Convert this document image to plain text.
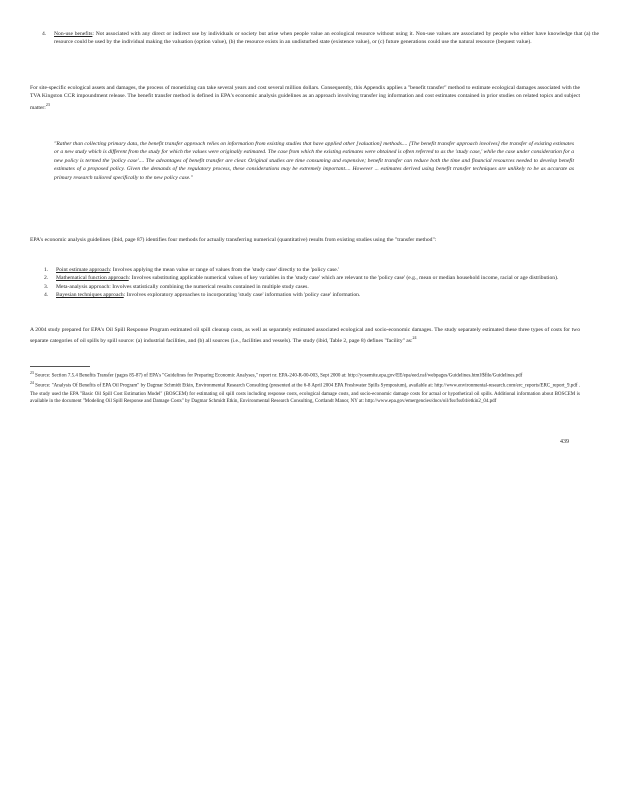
4. Non-use benefits: Not associated with any direct or indirect use by individuals or society but arise when people value an ecological resource without using it. Non-use values are associated by people who either have knowledge that (a) the resource could be used by the individual making the valuation (option value), (b) the resource exists in an undisturbed state (existence value), or (c) future generations could use the natural resource (bequest value).

For site-specific ecological assets and damages, the process of monetizing can take several years and cost several million dollars. Consequently, this Appendix applies a "benefit transfer" method to estimate ecological damages associated with the TVA Kingston CCR impoundment release. The benefit transfer method is defined in EPA's economic analysis guidelines as an approach involving transfer ing information and cost estimates contained in prior studies on related topics and subject matter:$^{23}$

"Rather than collecting primary data, the benefit transfer approach relies on information from existing studies that have applied other [valuation] methods.... [The benefit transfer approach involves] the transfer of existing estimates or a new study which is different from the study for which the values were originally estimated. The case from which the existing estimates were obtained is often referred to as the 'study case,' while the case under consideration for a new policy is termed the 'policy case'.... The advantages of benefit transfer are clear. Original studies are time consuming and expensive; benefit transfer can reduce both the time and financial resources needed to develop benefit estimates of a proposed policy. Given the demands of the regulatory process, these considerations may be extremely important.... However ... estimates derived using benefit transfer techniques are unlikely to be as accurate as primary research tailored specifically to the new policy case."

EPA's economic analysis guidelines (ibid, page 87) identifies four methods for actually transferring numerical (quantitative) results from existing studies using the "transfer method":

1. Point estimate approach: Involves applying the mean value or range of values from the 'study case' directly to the 'policy case.'
2. Mathematical function approach: Involves substituting applicable numerical values of key variables in the 'study case' which are relevant to the 'policy case' (e.g., mean or median household income, racial or age distribution).
3. Meta-analysis approach: Involves statistically combining the numerical results contained in multiple study cases.
4. Bayesian techniques approach: Involves exploratory approaches to incorporating 'study case' information with 'policy case' information.

A 2004 study prepared for EPA's Oil Spill Response Program estimated oil spill cleanup costs, as well as separately estimated associated ecological and socio-economic damages. The study separately estimated these three types of costs for two separate categories of oil spills by spill source: (a) industrial facilities, and (b) all sources (i.e., facilities and vessels). The study (ibid, Table 2, page 8) defines "facility" as:$^{24}$

$^{23}$ Source: Section 7.5.4 Benefits Transfer (pages 85-87) of EPA's "Guidelines for Preparing Economic Analyses," report nr. EPA-240-R-00-003, Sept 2000 at: http://yosemite.epa.gov/EE/epa/eed.nsf/webpages/Guidelines.html/$file/Guidelines.pdf

$^{24}$ Source: "Analysis Of Benefits of EPA Oil Program" by Dagmar Schmidt Etkin, Environmental Research Consulting (presented at the 6-8 April 2004 EPA Freshwater Spills Symposium), available at: http://www.environmental-research.com/erc_reports/ERC_report_9.pdf . The study used the EPA "Basic Oil Spill Cost Estimation Model" (BOSCEM) for estimating oil spill costs including response costs, ecological damage costs, and socio-economic damage costs for actual or hypothetical oil spills. Additional information about BOSCEM is available in the document "Modeling Oil Spill Response and Damage Costs" by Dagmar Schmidt Etkin, Environmental Research Consulting, Cortlandt Manor, NY at: http://www.epa.gov/emergencies/docs/oil/fss/fss04/etkin2_04.pdf

439
